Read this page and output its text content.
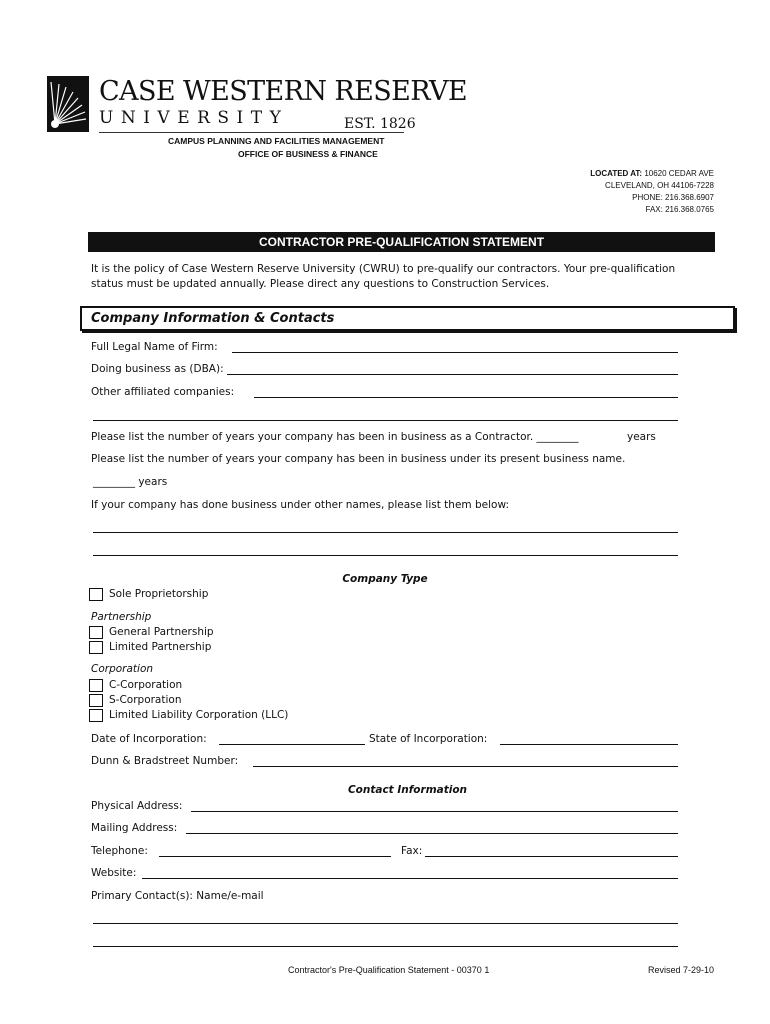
CASE WESTERN RESERVE
UNIVERSITY	EST. 1826
CAMPUS PLANNING AND FACILITIES MANAGEMENT
OFFICE OF BUSINESS & FINANCE
LOCATED AT: 10620 CEDAR AVE
CLEVELAND, OH 44106-7228
PHONE: 216.368.6907
FAX: 216.368.0765
CONTRACTOR PRE-QUALIFICATION STATEMENT
It is the policy of Case Western Reserve University (CWRU) to pre-qualify our contractors. Your pre-qualification status must be updated annually. Please direct any questions to Construction Services.
Company Information & Contacts
Full Legal Name of Firm:
Doing business as (DBA):
Other affiliated companies:
Please list the number of years your company has been in business as a Contractor. ________	years
Please list the number of years your company has been in business under its present business name.
________ years
If your company has done business under other names, please list them below:
Company Type
Sole Proprietorship
Partnership
General Partnership
Limited Partnership
Corporation
C-Corporation
S-Corporation
Limited Liability Corporation (LLC)
Date of Incorporation:	State of Incorporation:
Dunn & Bradstreet Number:
Contact Information
Physical Address:
Mailing Address:
Telephone:	Fax:
Website:
Primary Contact(s): Name/e-mail
Contractor's Pre-Qualification Statement - 00370 1	Revised 7-29-10
